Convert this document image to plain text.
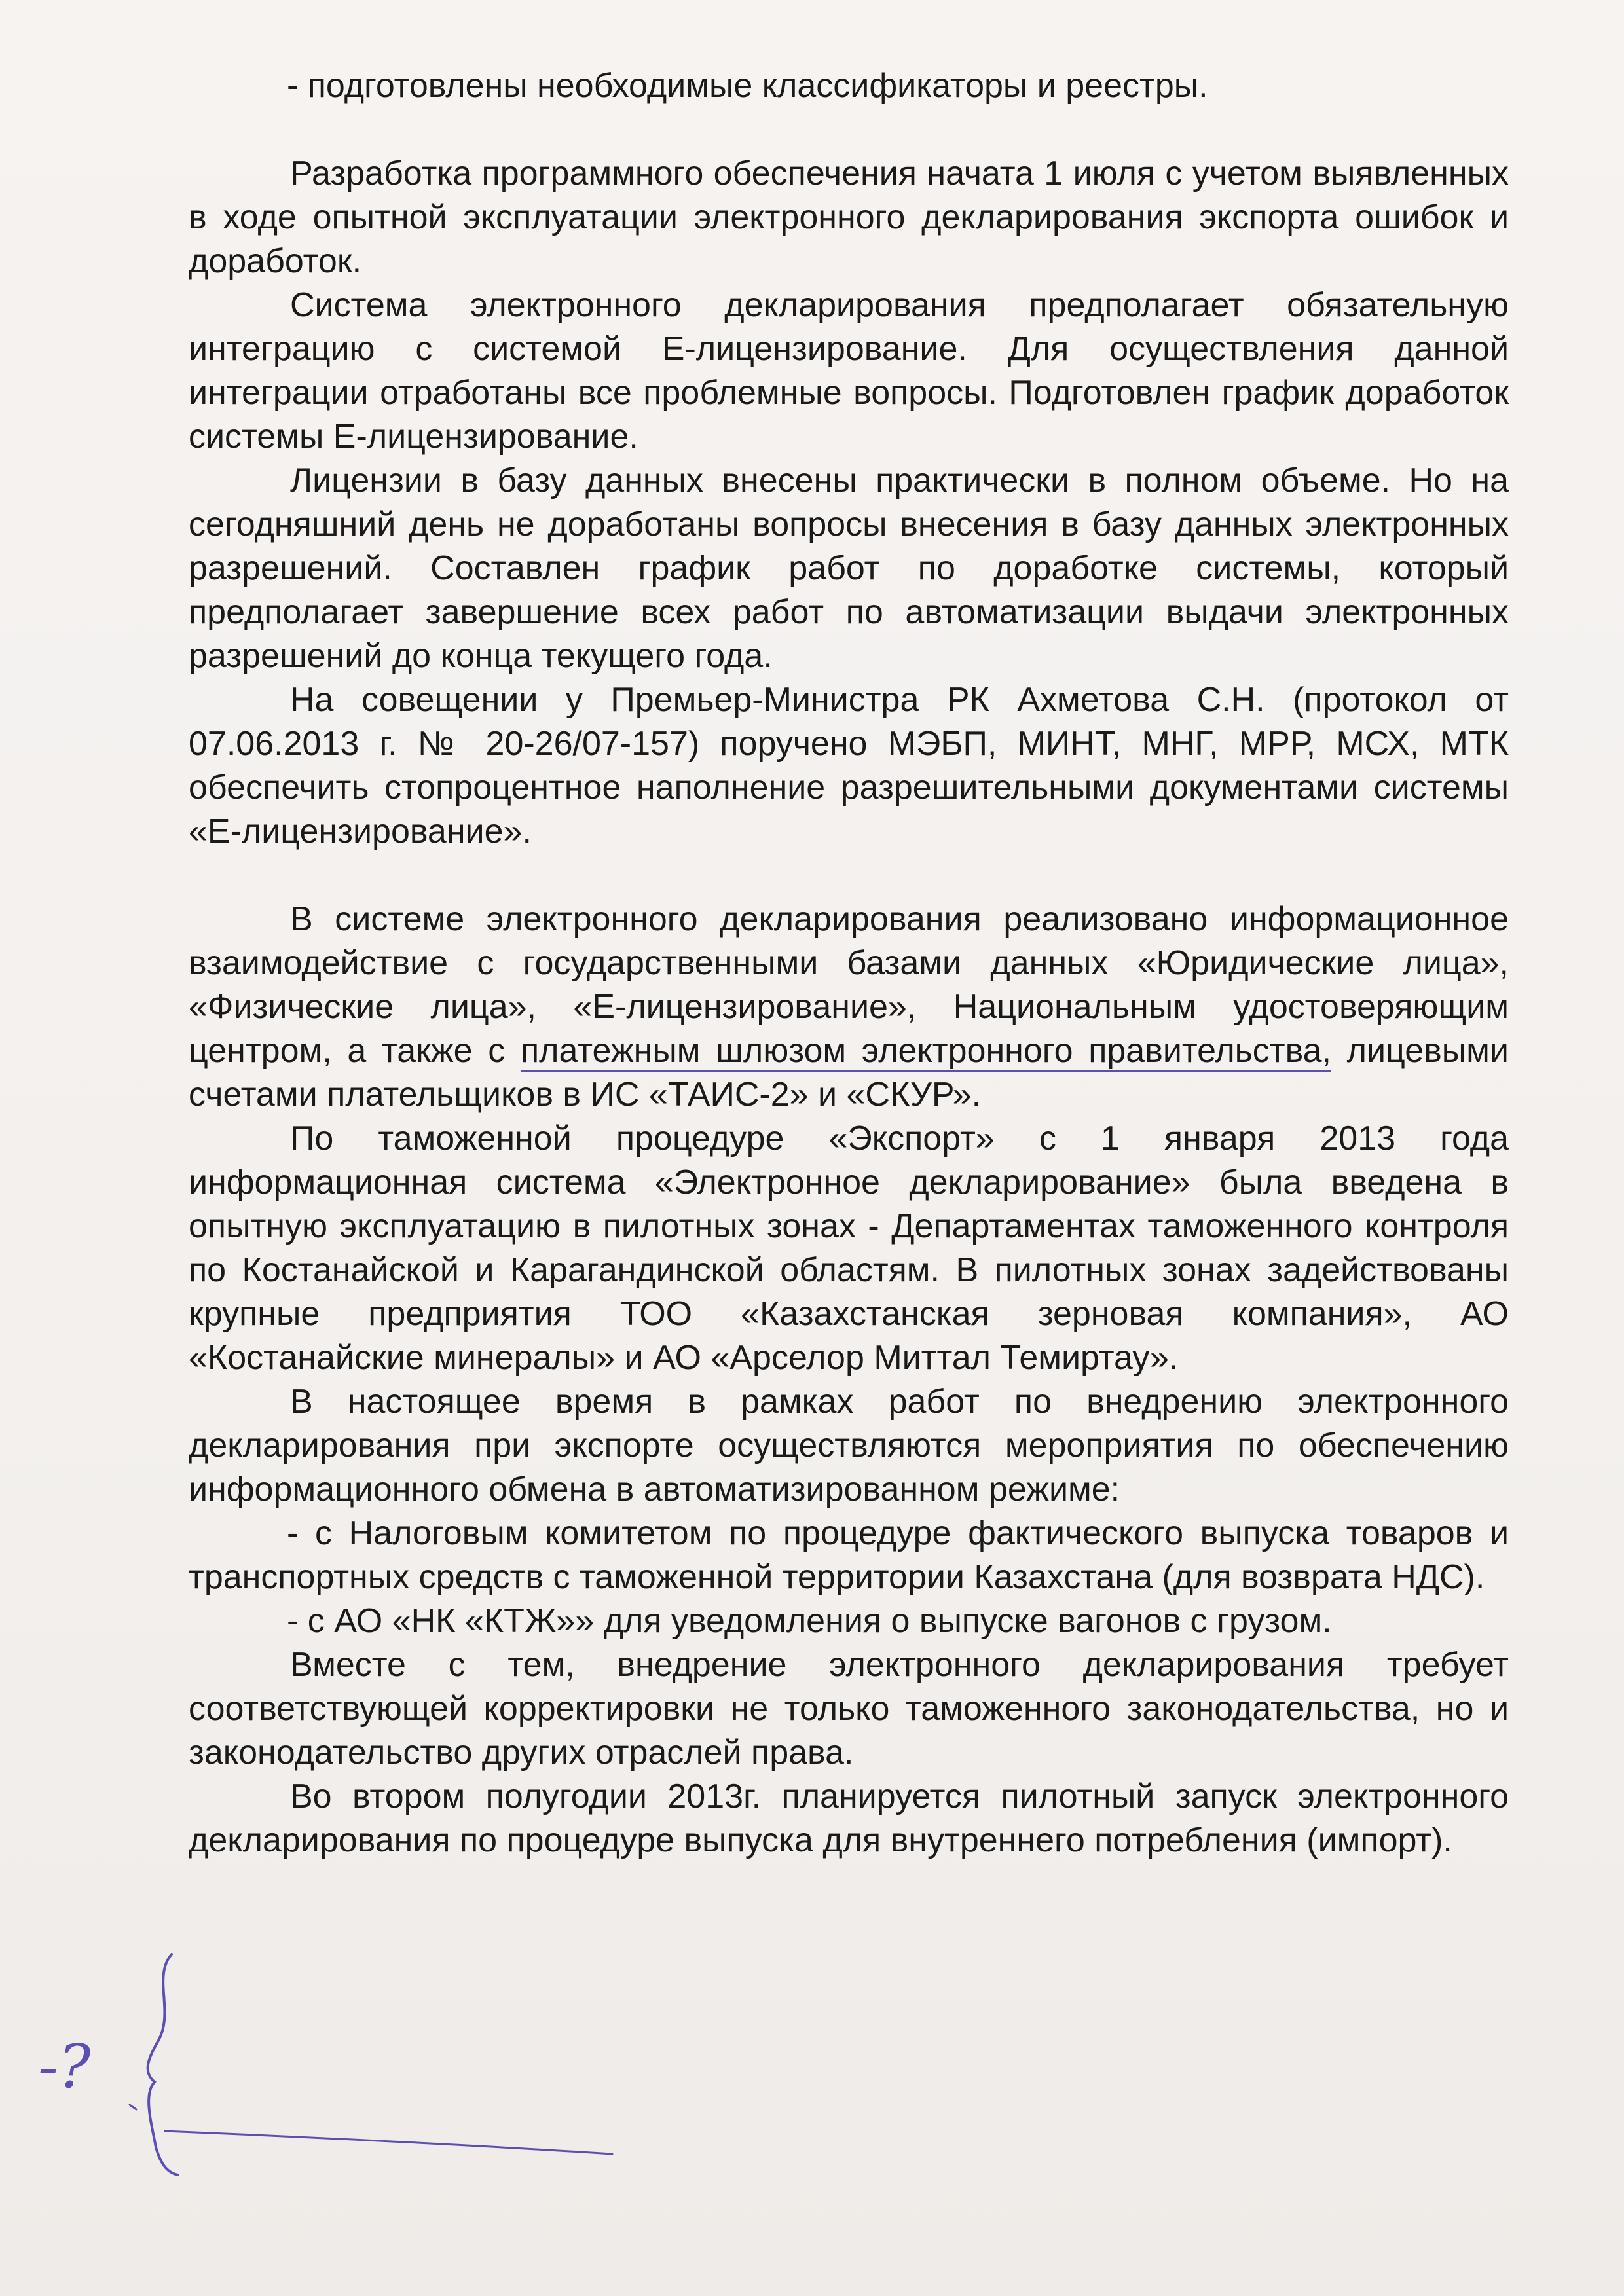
- подготовлены необходимые классификаторы и реестры.

Разработка программного обеспечения начата 1 июля с учетом выявленных в ходе опытной эксплуатации электронного декларирования экспорта ошибок и доработок.

Система электронного декларирования предполагает обязательную интеграцию с системой Е-лицензирование. Для осуществления данной интеграции отработаны все проблемные вопросы. Подготовлен график доработок системы Е-лицензирование.

Лицензии в базу данных внесены практически в полном объеме. Но на сегодняшний день не доработаны вопросы внесения в базу данных электронных разрешений. Составлен график работ по доработке системы, который предполагает завершение всех работ по автоматизации выдачи электронных разрешений до конца текущего года.

На совещении у Премьер-Министра РК Ахметова С.Н. (протокол от 07.06.2013 г. № 20-26/07-157) поручено МЭБП, МИНТ, МНГ, МРР, МСХ, МТК обеспечить стопроцентное наполнение разрешительными документами системы «Е-лицензирование».

В системе электронного декларирования реализовано информационное взаимодействие с государственными базами данных «Юридические лица», «Физические лица», «Е-лицензирование», Национальным удостоверяющим центром, а также с платежным шлюзом электронного правительства, лицевыми счетами плательщиков в ИС «ТАИС-2» и «СКУР».

По таможенной процедуре «Экспорт» с 1 января 2013 года информационная система «Электронное декларирование» была введена в опытную эксплуатацию в пилотных зонах - Департаментах таможенного контроля по Костанайской и Карагандинской областям. В пилотных зонах задействованы крупные предприятия ТОО «Казахстанская зерновая компания», АО «Костанайские минералы» и АО «Арселор Миттал Темиртау».

В настоящее время в рамках работ по внедрению электронного декларирования при экспорте осуществляются мероприятия по обеспечению информационного обмена в автоматизированном режиме:

- с Налоговым комитетом по процедуре фактического выпуска товаров и транспортных средств с таможенной территории Казахстана (для возврата НДС).

- с АО «НК «КТЖ»» для уведомления о выпуске вагонов с грузом.

Вместе с тем, внедрение электронного декларирования требует соответствующей корректировки не только таможенного законодательства, но и законодательство других отраслей права.

Во втором полугодии 2013г. планируется пилотный запуск электронного декларирования по процедуре выпуска для внутреннего потребления (импорт).

-?
